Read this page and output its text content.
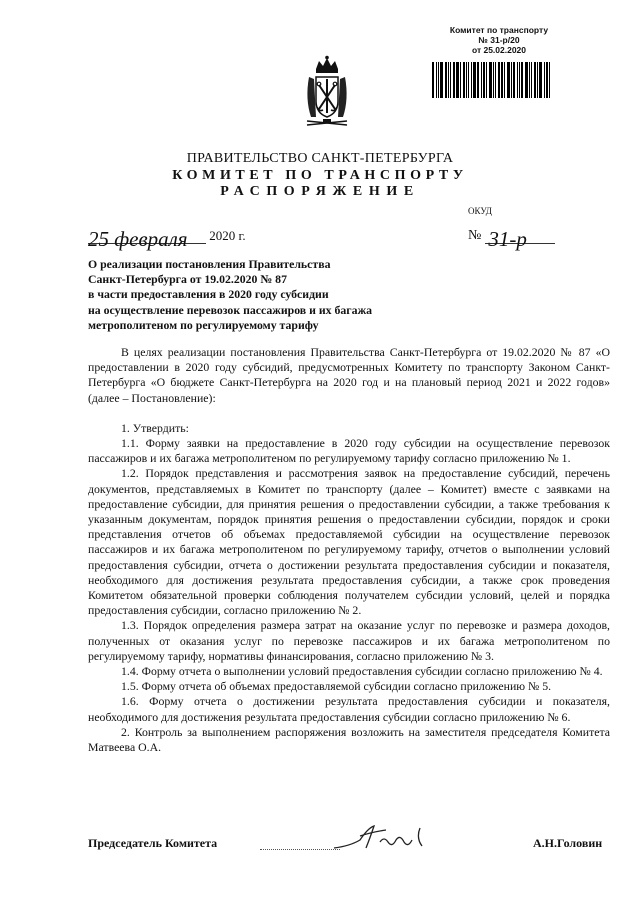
Комитет по транспорту
№ 31-р/20
от 25.02.2020
ПРАВИТЕЛЬСТВО САНКТ-ПЕТЕРБУРГА
КОМИТЕТ ПО ТРАНСПОРТУ
РАСПОРЯЖЕНИЕ
ОКУД
25 февраля 2020 г.	№ 31-р
О реализации постановления Правительства
Санкт-Петербурга от 19.02.2020 № 87
в части предоставления в 2020 году субсидии
на осуществление перевозок пассажиров и их багажа
метрополитеном по регулируемому тарифу

В целях реализации постановления Правительства Санкт-Петербурга от 19.02.2020 № 87 «О предоставлении в 2020 году субсидий, предусмотренных Комитету по транспорту Законом Санкт-Петербурга «О бюджете Санкт-Петербурга на 2020 год и на плановый период 2021 и 2022 годов» (далее – Постановление):

1. Утвердить:

1.1. Форму заявки на предоставление в 2020 году субсидии на осуществление перевозок пассажиров и их багажа метрополитеном по регулируемому тарифу согласно приложению № 1.

1.2. Порядок представления и рассмотрения заявок на предоставление субсидий, перечень документов, представляемых в Комитет по транспорту (далее – Комитет) вместе с заявками на предоставление субсидии, для принятия решения о предоставлении субсидии, а также требования к указанным документам, порядок принятия решения о предоставлении субсидии, порядок и сроки представления отчетов об объемах предоставляемой субсидии на осуществление перевозок пассажиров и их багажа метрополитеном по регулируемому тарифу, отчетов о выполнении условий предоставления субсидии, отчета о достижении результата предоставления субсидии и показателя, необходимого для достижения результата предоставления субсидии, а также срок проведения Комитетом обязательной проверки соблюдения получателем субсидии условий, целей и порядка предоставления субсидии, согласно приложению № 2.

1.3. Порядок определения размера затрат на оказание услуг по перевозке и размера доходов, полученных от оказания услуг по перевозке пассажиров и их багажа метрополитеном по регулируемому тарифу, нормативы финансирования, согласно приложению № 3.

1.4. Форму отчета о выполнении условий предоставления субсидии согласно приложению № 4.

1.5. Форму отчета об объемах предоставляемой субсидии согласно приложению № 5.

1.6. Форму отчета о достижении результата предоставления субсидии и показателя, необходимого для достижения результата предоставления субсидии согласно приложению № 6.

2. Контроль за выполнением распоряжения возложить на заместителя председателя Комитета Матвеева О.А.

Председатель Комитета	А.Н.Головин
